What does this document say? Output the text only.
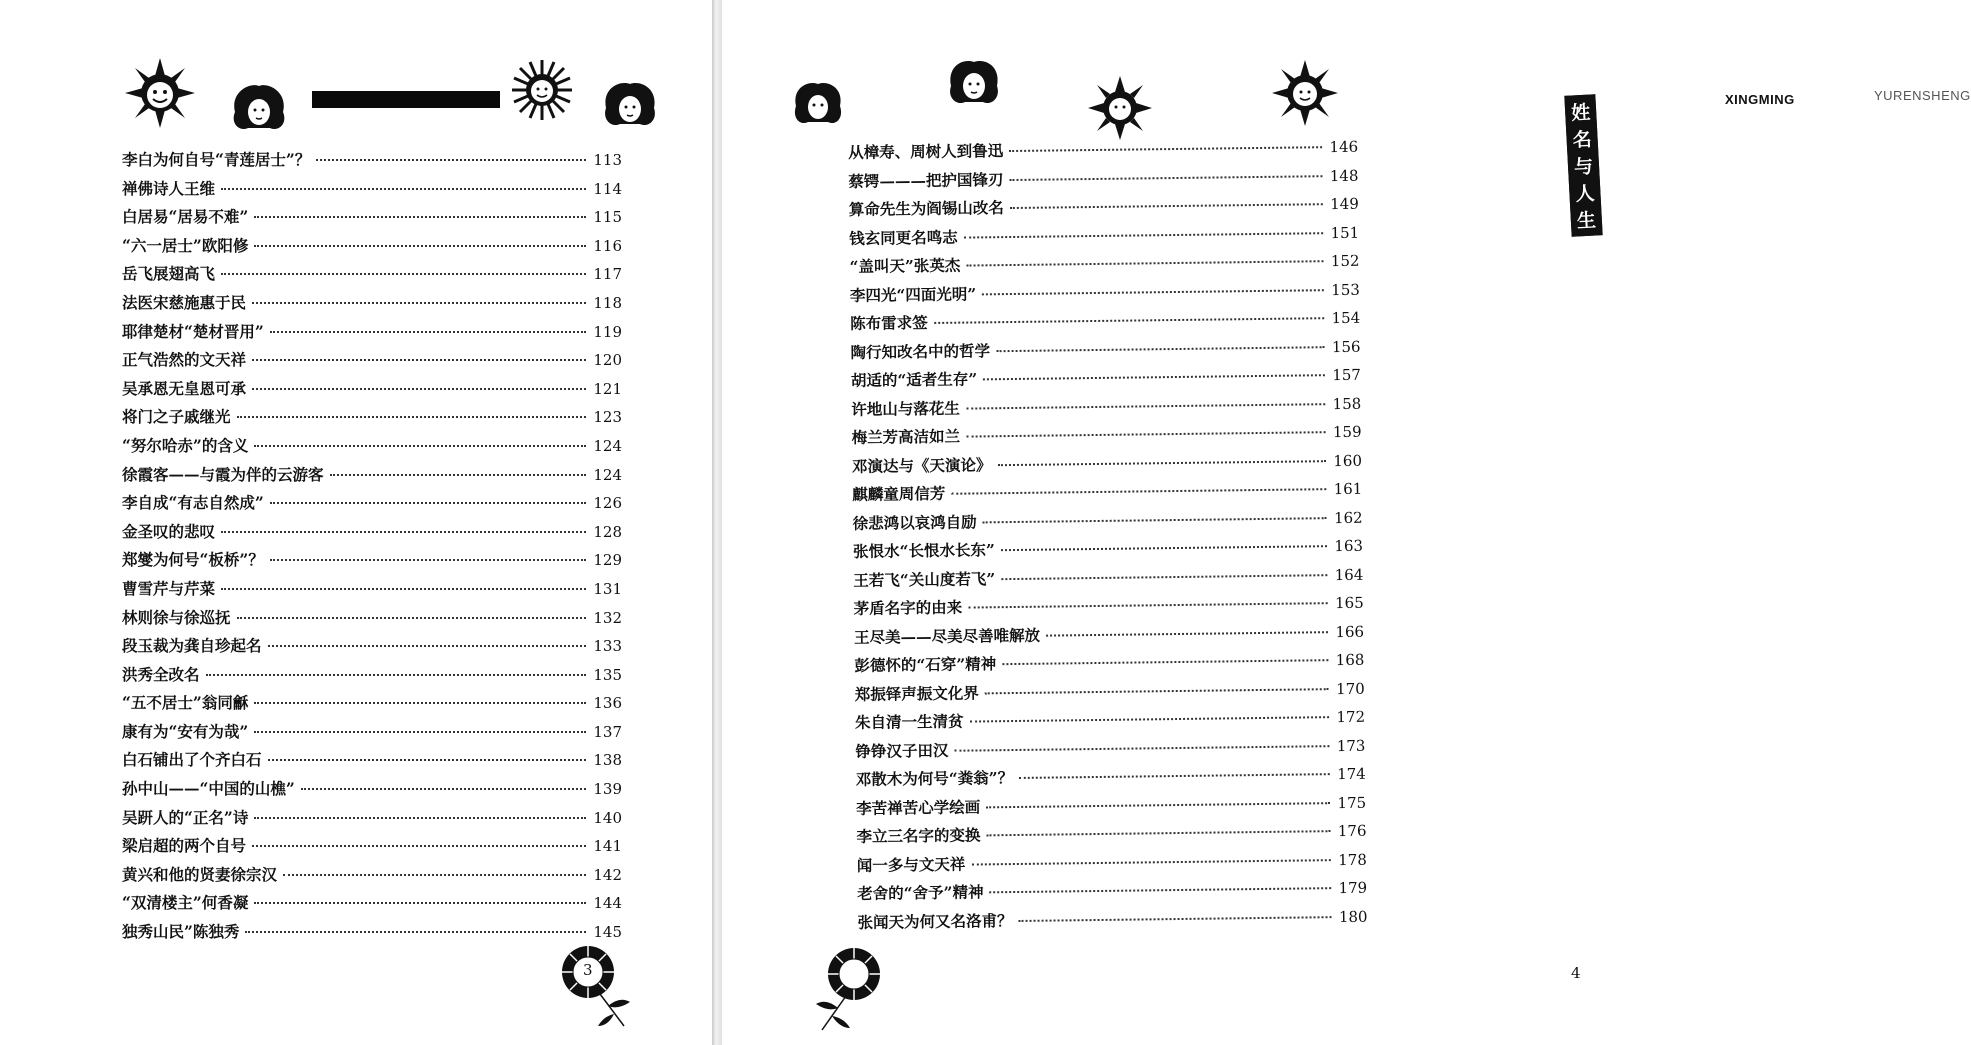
李白为何自号“青莲居士”？	113
禅佛诗人王维	114
白居易“居易不难”	115
“六一居士”欧阳修	116
岳飞展翅高飞	117
法医宋慈施惠于民	118
耶律楚材“楚材晋用”	119
正气浩然的文天祥	120
吴承恩无皇恩可承	121
将门之子戚继光	123
“努尔哈赤”的含义	124
徐霞客——与霞为伴的云游客	124
李自成“有志自然成”	126
金圣叹的悲叹	128
郑燮为何号“板桥”？	129
曹雪芹与芹菜	131
林则徐与徐巡抚	132
段玉裁为龚自珍起名	133
洪秀全改名	135
“五不居士”翁同龢	136
康有为“安有为哉”	137
白石铺出了个齐白石	138
孙中山——“中国的山樵”	139
吴趼人的“正名”诗	140
梁启超的两个自号	141
黄兴和他的贤妻徐宗汉	142
“双清楼主”何香凝	144
独秀山民”陈独秀	145
3
姓名与人生
XINGMING	YURENSHENG
从樟寿、周树人到鲁迅	146
蔡锷———把护国锋刃	148
算命先生为阎锡山改名	149
钱玄同更名鸣志	151
“盖叫天”张英杰	152
李四光“四面光明”	153
陈布雷求签	154
陶行知改名中的哲学	156
胡适的“适者生存”	157
许地山与落花生	158
梅兰芳高洁如兰	159
邓演达与《天演论》	160
麒麟童周信芳	161
徐悲鸿以哀鸿自励	162
张恨水“长恨水长东”	163
王若飞“关山度若飞”	164
茅盾名字的由来	165
王尽美——尽美尽善唯解放	166
彭德怀的“石穿”精神	168
郑振铎声振文化界	170
朱自清一生清贫	172
铮铮汉子田汉	173
邓散木为何号“粪翁”？	174
李苦禅苦心学绘画	175
李立三名字的变换	176
闻一多与文天祥	178
老舍的“舍予”精神	179
张闻天为何又名洛甫？	180
4
